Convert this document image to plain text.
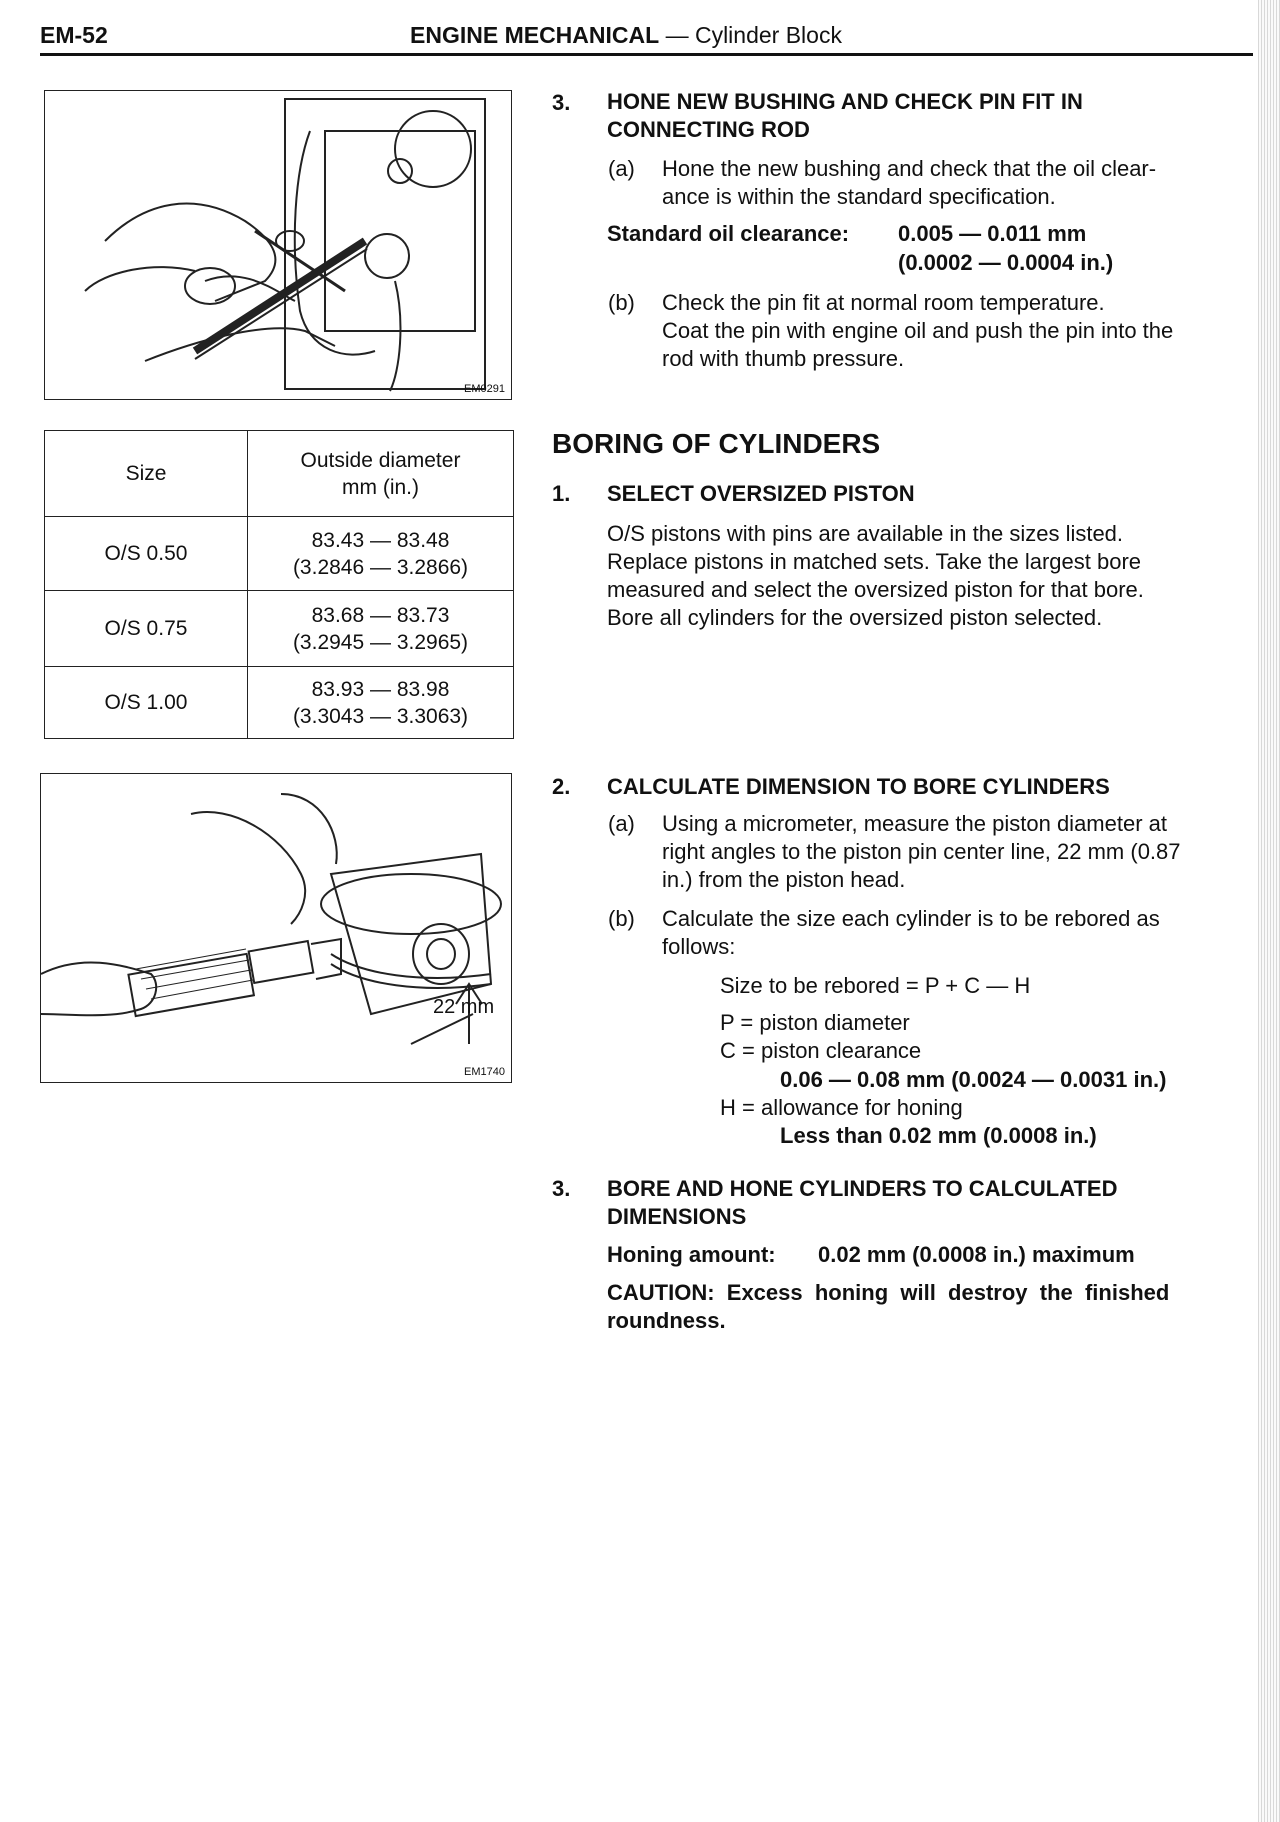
EM-52	ENGINE MECHANICAL — Cylinder Block
EM0291
3. HONE NEW BUSHING AND CHECK PIN FIT IN
CONNECTING ROD
(a) Hone the new bushing and check that the oil clear-
ance is within the standard specification.
Standard oil clearance: 0.005 — 0.011 mm
(0.0002 — 0.0004 in.)
(b) Check the pin fit at normal room temperature.
Coat the pin with engine oil and push the pin into the
rod with thumb pressure.
Size	Outside diameter
mm (in.)

O/S 0.50	83.43 — 83.48
(3.2846 — 3.2866)

O/S 0.75	83.68 — 83.73
(3.2945 — 3.2965)

O/S 1.00	83.93 — 83.98
(3.3043 — 3.3063)
BORING OF CYLINDERS
1. SELECT OVERSIZED PISTON
O/S pistons with pins are available in the sizes listed.
Replace pistons in matched sets. Take the largest bore
measured and select the oversized piston for that bore.
Bore all cylinders for the oversized piston selected.
22 mm
EM1740
2. CALCULATE DIMENSION TO BORE CYLINDERS
(a) Using a micrometer, measure the piston diameter at
right angles to the piston pin center line, 22 mm (0.87
in.) from the piston head.
(b) Calculate the size each cylinder is to be rebored as
follows:
Size to be rebored = P + C — H
P = piston diameter
C = piston clearance
0.06 — 0.08 mm (0.0024 — 0.0031 in.)
H = allowance for honing
Less than 0.02 mm (0.0008 in.)
3. BORE AND HONE CYLINDERS TO CALCULATED
DIMENSIONS
Honing amount: 0.02 mm (0.0008 in.) maximum
CAUTION:  Excess  honing  will  destroy  the  finished
roundness.
